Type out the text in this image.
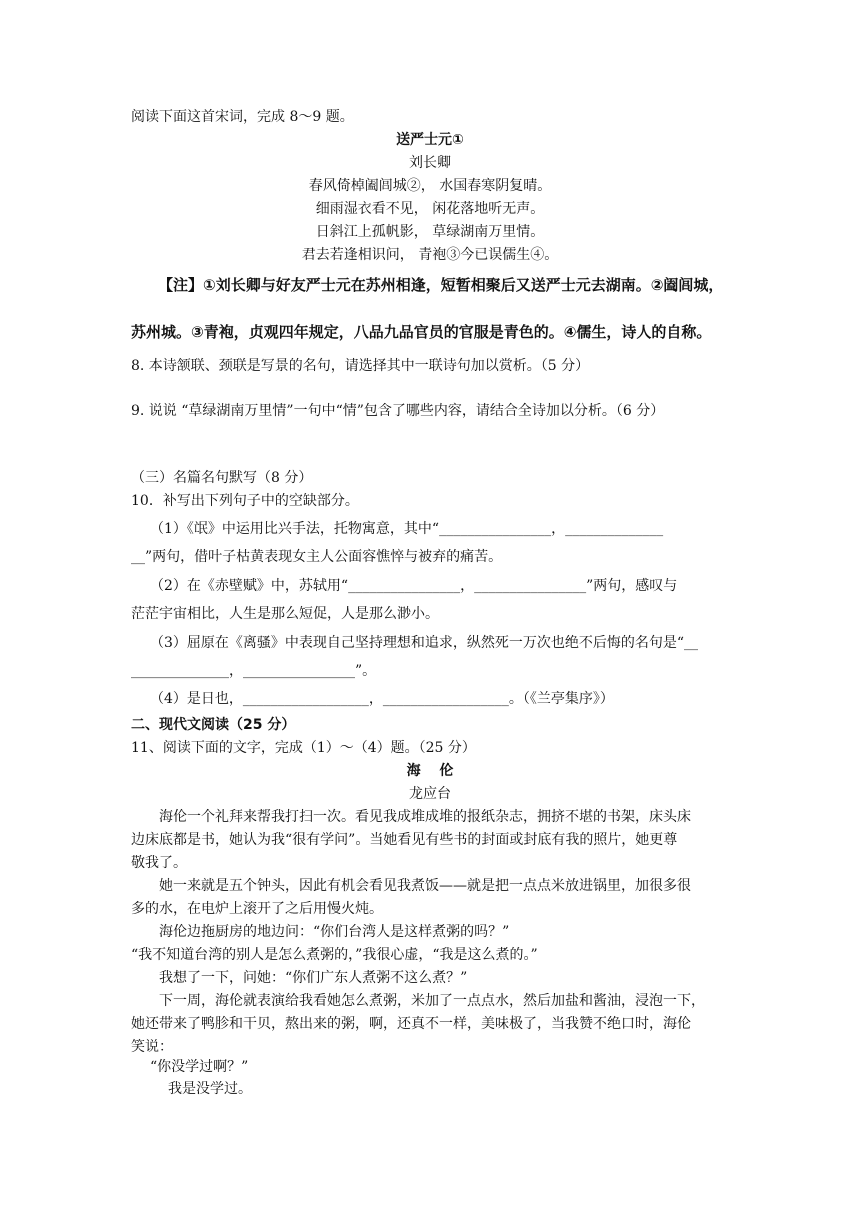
阅读下面这首宋词，完成 8～9 题。
送严士元①
刘长卿
春风倚棹阖闾城②， 水国春寒阴复晴。
细雨湿衣看不见， 闲花落地听无声。
日斜江上孤帆影， 草绿湖南万里情。
君去若逢相识问， 青袍③今已误儒生④。
【注】①刘长卿与好友严士元在苏州相逢，短暂相聚后又送严士元去湖南。②阖闾城，
苏州城。③青袍，贞观四年规定，八品九品官员的官服是青色的。④儒生，诗人的自称。
8. 本诗颔联、颈联是写景的名句，请选择其中一联诗句加以赏析。（5 分）
9. 说说 “草绿湖南万里情”一句中“情”包含了哪些内容，请结合全诗加以分析。（6 分）
（三）名篇名句默写（8 分）
10．补写出下列句子中的空缺部分。
（1）《氓》中运用比兴手法，托物寓意，其中“________________，______________
__”两句，借叶子枯黄表现女主人公面容憔悴与被弃的痛苦。
（2）在《赤壁赋》中，苏轼用“________________，________________”两句，感叹与
茫茫宇宙相比，人生是那么短促，人是那么渺小。
（3）屈原在《离骚》中表现自己坚持理想和追求，纵然死一万次也绝不后悔的名句是“__
______________，________________”。
（4）是日也，__________________，__________________。（《兰亭集序》）
二、现代文阅读（25 分）
11、阅读下面的文字，完成（1）～（4）题。（25 分）
海　 伦
龙应台
海伦一个礼拜来帮我打扫一次。看见我成堆成堆的报纸杂志，拥挤不堪的书架，床头床
边床底都是书，她认为我“很有学问”。当她看见有些书的封面或封底有我的照片，她更尊
敬我了。
她一来就是五个钟头，因此有机会看见我煮饭——就是把一点点米放进锅里，加很多很
多的水，在电炉上滚开了之后用慢火炖。
海伦边拖厨房的地边问：“你们台湾人是这样煮粥的吗？”
“我不知道台湾的别人是怎么煮粥的，”我很心虚，“我是这么煮的。”
我想了一下，问她：“你们广东人煮粥不这么煮？”
下一周，海伦就表演给我看她怎么煮粥，米加了一点点水，然后加盐和酱油，浸泡一下，
她还带来了鸭胗和干贝，熬出来的粥，啊，还真不一样，美味极了，当我赞不绝口时，海伦
笑说：
“你没学过啊？”
我是没学过。
